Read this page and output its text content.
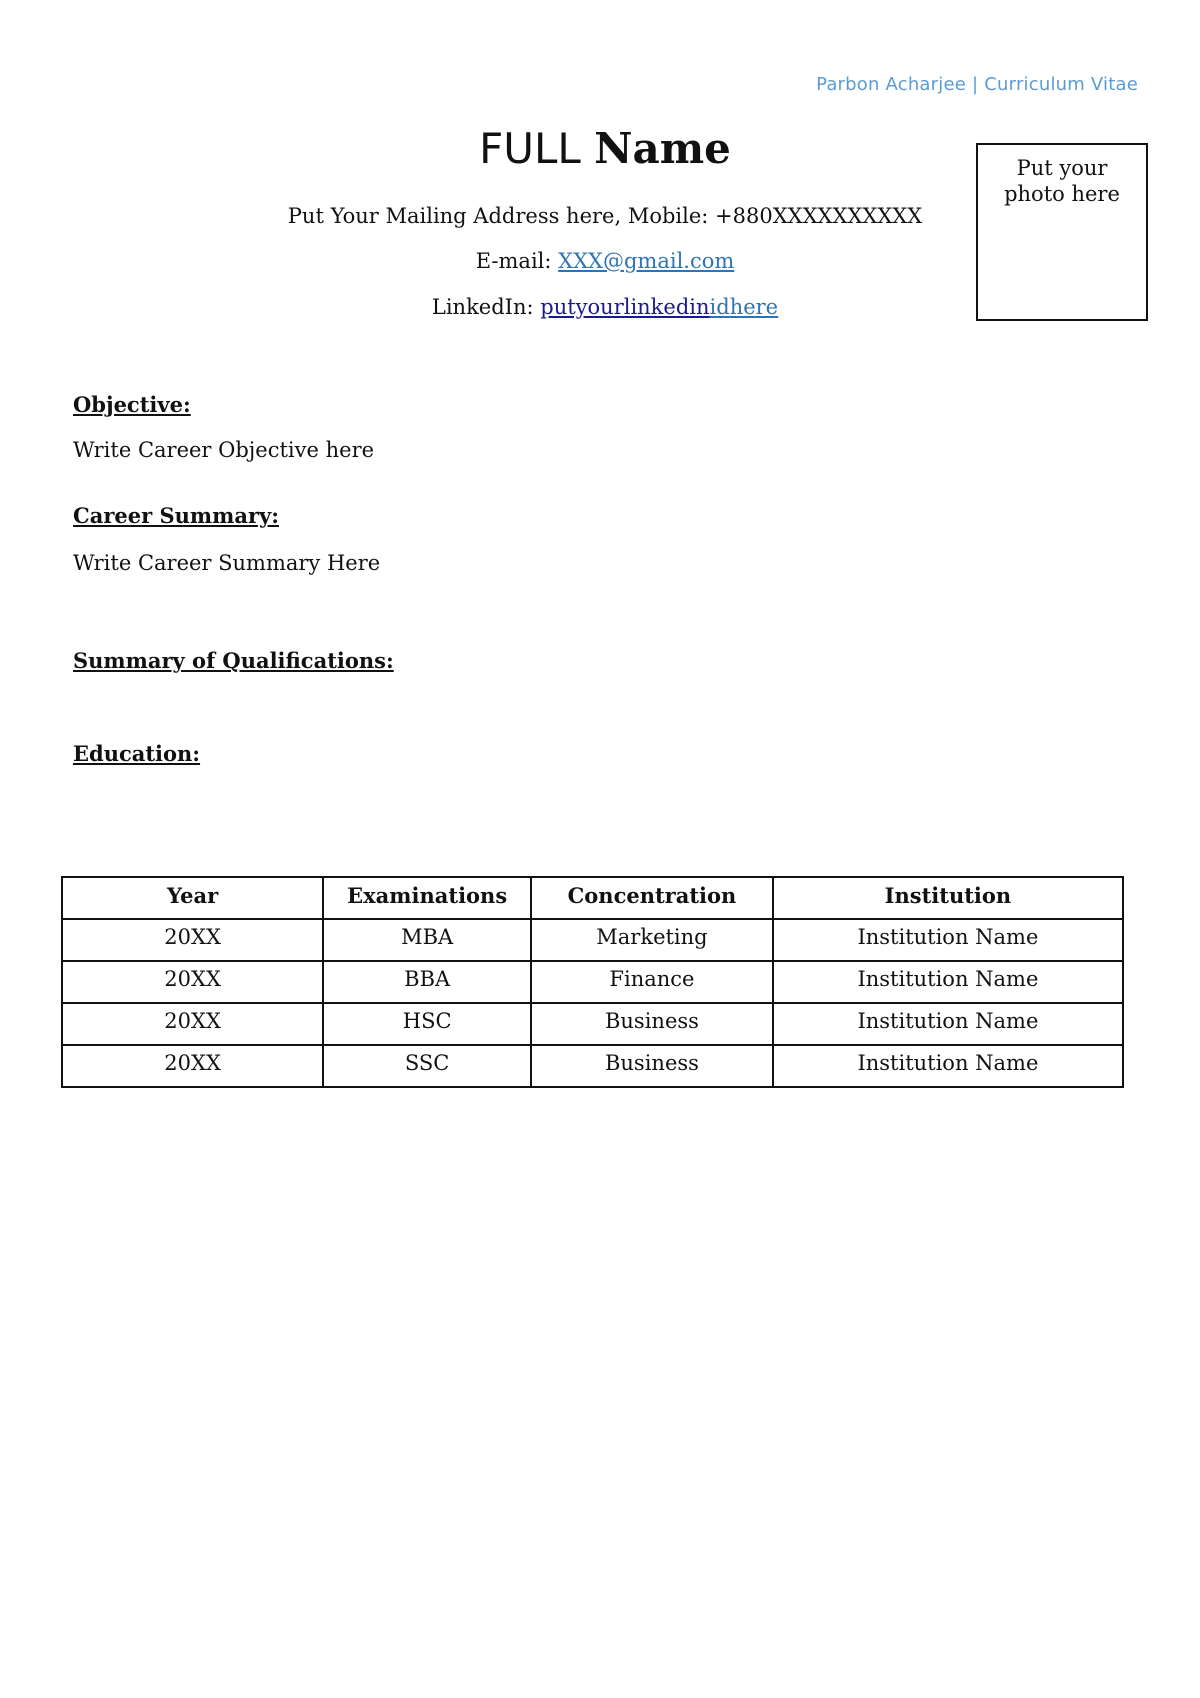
Parbon Acharjee | Curriculum Vitae
FULL Name
Put Your Mailing Address here, Mobile: +880XXXXXXXXXX
E-mail: XXX@gmail.com
LinkedIn: putyourlinkedinidhere
Put your
photo here
Objective:
Write Career Objective here
Career Summary:
Write Career Summary Here
Summary of Qualifications:
Education:
Year	Examinations	Concentration	Institution
20XX	MBA	Marketing	Institution Name
20XX	BBA	Finance	Institution Name
20XX	HSC	Business	Institution Name
20XX	SSC	Business	Institution Name
